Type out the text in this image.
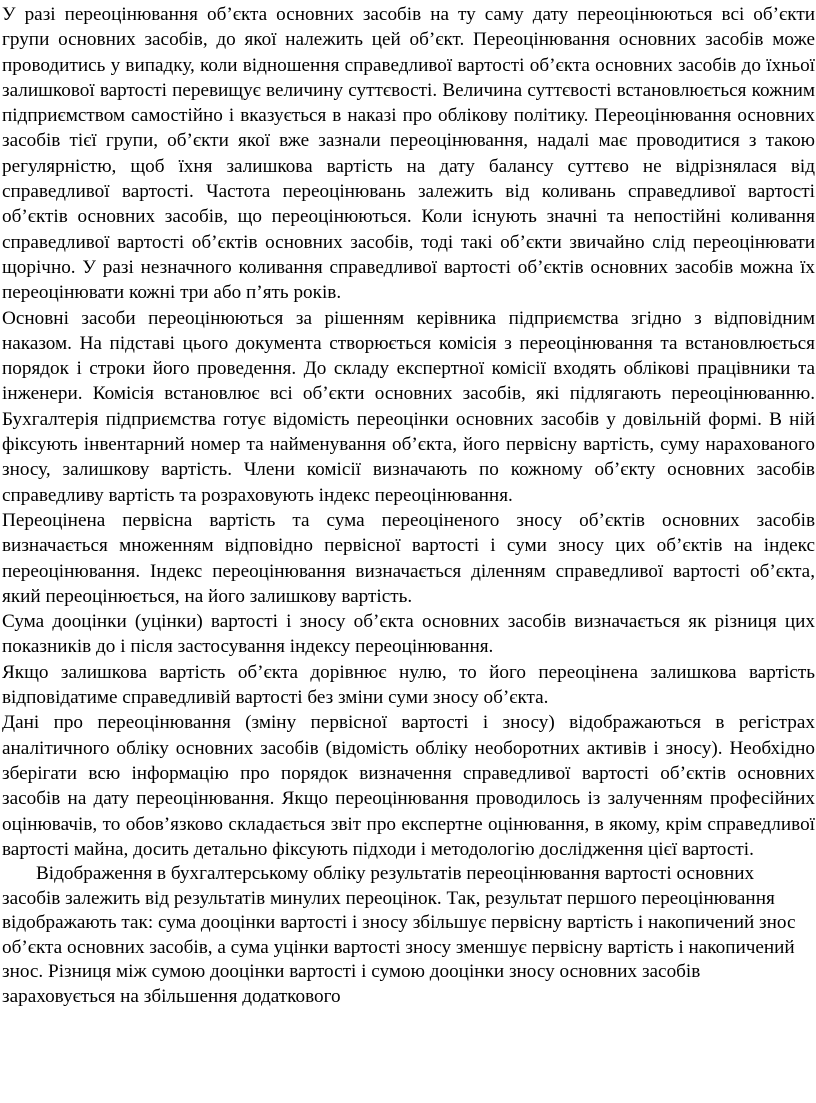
У разі переоцінювання об’єкта основних засобів на ту саму дату переоцінюються всі об’єкти групи основних засобів, до якої належить цей об’єкт. Переоцінювання основних засобів може проводитись у випадку, коли відношення справедливої вартості об’єкта основних засобів до їхньої залишкової вартості перевищує величину суттєвості. Величина суттєвості встановлюється кожним підприємством самостійно і вказується в наказі про облікову політику. Переоцінювання основних засобів тієї групи, об’єкти якої вже зазнали переоцінювання, надалі має проводитися з такою регулярністю, щоб їхня залишкова вартість на дату балансу суттєво не відрізнялася від справедливої вартості. Частота переоцінювань залежить від коливань справедливої вартості об’єктів основних засобів, що переоцінюються. Коли існують значні та непостійні коливання справедливої вартості об’єктів основних засобів, тоді такі об’єкти звичайно слід переоцінювати щорічно. У разі незначного коливання справедливої вартості об’єктів основних засобів можна їх переоцінювати кожні три або п’ять років.

Основні засоби переоцінюються за рішенням керівника підприємства згідно з відповідним наказом. На підставі цього документа створюється комісія з переоцінювання та встановлюється порядок і строки його проведення. До складу експертної комісії входять облікові працівники та інженери. Комісія встановлює всі об’єкти основних засобів, які підлягають переоцінюванню. Бухгалтерія підприємства готує відомість переоцінки основних засобів у довільній формі. В ній фіксують інвентарний номер та найменування об’єкта, його первісну вартість, суму нарахованого зносу, залишкову вартість. Члени комісії визначають по кожному об’єкту основних засобів справедливу вартість та розраховують індекс переоцінювання.

Переоцінена первісна вартість та сума переоціненого зносу об’єктів основних засобів визначається множенням відповідно первісної вартості і суми зносу цих об’єктів на індекс переоцінювання. Індекс переоцінювання визначається діленням справедливої вартості об’єкта, який переоцінюється, на його залишкову вартість.

Сума дооцінки (уцінки) вартості і зносу об’єкта основних засобів визначається як різниця цих показників до і після застосування індексу переоцінювання.

Якщо залишкова вартість об’єкта дорівнює нулю, то його переоцінена залишкова вартість відповідатиме справедливій вартості без зміни суми зносу об’єкта.

Дані про переоцінювання (зміну первісної вартості і зносу) відображаються в регістрах аналітичного обліку основних засобів (відомість обліку необоротних активів і зносу). Необхідно зберігати всю інформацію про порядок визначення справедливої вартості об’єктів основних засобів на дату переоцінювання. Якщо переоцінювання проводилось із залученням професійних оцінювачів, то обов’язково складається звіт про експертне оцінювання, в якому, крім справедливої вартості майна, досить детально фіксують підходи і методологію дослідження цієї вартості.

Відображення в бухгалтерському обліку результатів переоцінювання вартості основних засобів залежить від результатів минулих переоцінок. Так, результат першого переоцінювання відображають так: сума дооцінки вартості і зносу збільшує первісну вартість і накопичений знос об’єкта основних засобів, а сума уцінки вартості зносу зменшує первісну вартість і накопичений знос. Різниця між сумою дооцінки вартості і сумою дооцінки зносу основних засобів зараховується на збільшення додаткового
